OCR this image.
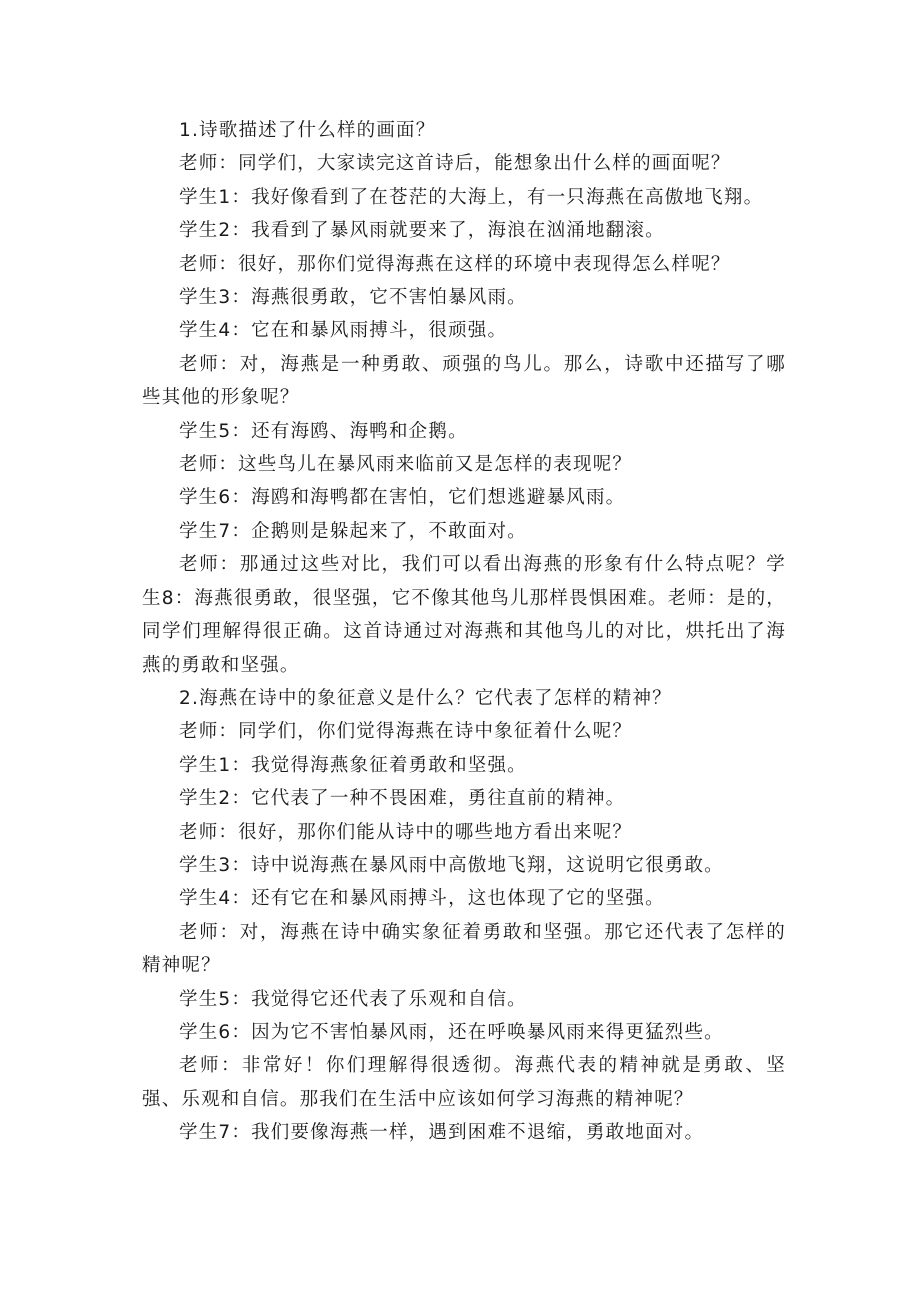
1.诗歌描述了什么样的画面？

老师：同学们，大家读完这首诗后，能想象出什么样的画面呢？

学生1：我好像看到了在苍茫的大海上，有一只海燕在高傲地飞翔。

学生2：我看到了暴风雨就要来了，海浪在汹涌地翻滚。

老师：很好，那你们觉得海燕在这样的环境中表现得怎么样呢？

学生3：海燕很勇敢，它不害怕暴风雨。

学生4：它在和暴风雨搏斗，很顽强。

老师：对，海燕是一种勇敢、顽强的鸟儿。那么，诗歌中还描写了哪些其他的形象呢？

学生5：还有海鸥、海鸭和企鹅。

老师：这些鸟儿在暴风雨来临前又是怎样的表现呢？

学生6：海鸥和海鸭都在害怕，它们想逃避暴风雨。

学生7：企鹅则是躲起来了，不敢面对。

老师：那通过这些对比，我们可以看出海燕的形象有什么特点呢？学生8：海燕很勇敢，很坚强，它不像其他鸟儿那样畏惧困难。老师：是的，同学们理解得很正确。这首诗通过对海燕和其他鸟儿的对比，烘托出了海燕的勇敢和坚强。

2.海燕在诗中的象征意义是什么？它代表了怎样的精神？

老师：同学们，你们觉得海燕在诗中象征着什么呢？

学生1：我觉得海燕象征着勇敢和坚强。

学生2：它代表了一种不畏困难，勇往直前的精神。

老师：很好，那你们能从诗中的哪些地方看出来呢？

学生3：诗中说海燕在暴风雨中高傲地飞翔，这说明它很勇敢。

学生4：还有它在和暴风雨搏斗，这也体现了它的坚强。

老师：对，海燕在诗中确实象征着勇敢和坚强。那它还代表了怎样的精神呢？

学生5：我觉得它还代表了乐观和自信。

学生6：因为它不害怕暴风雨，还在呼唤暴风雨来得更猛烈些。

老师：非常好！你们理解得很透彻。海燕代表的精神就是勇敢、坚强、乐观和自信。那我们在生活中应该如何学习海燕的精神呢？

学生7：我们要像海燕一样，遇到困难不退缩，勇敢地面对。
